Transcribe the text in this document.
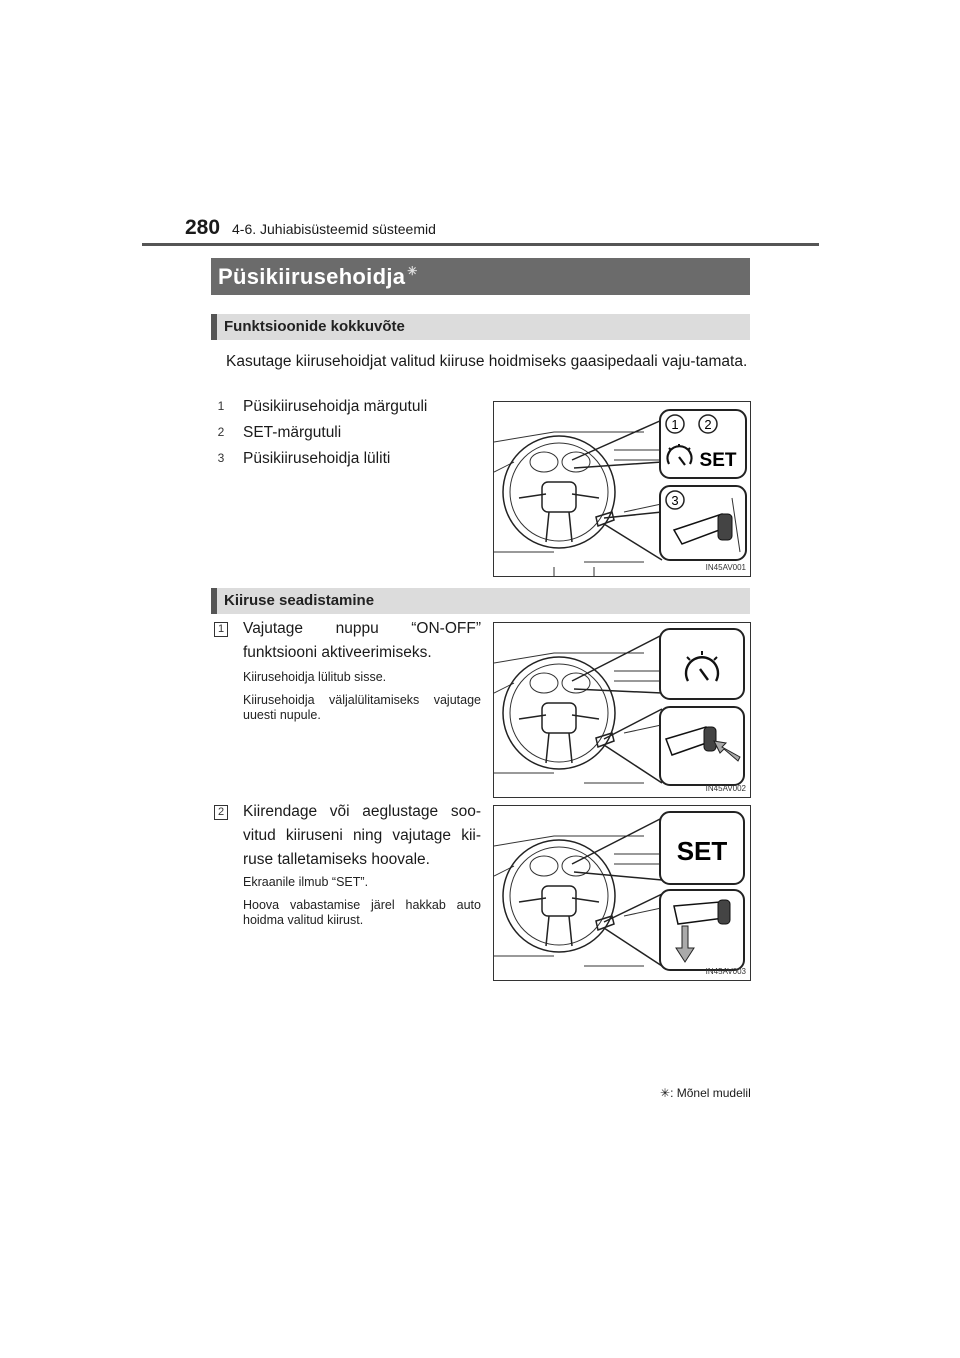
280 4-6. Juhiabisüsteemid süsteemid
Püsikiirusehoidja ✳
Funktsioonide kokkuvõte
Kasutage kiirusehoidjat valitud kiiruse hoidmiseks gaasipedaali vaju-tamata.
1 Püsikiirusehoidja märgutuli
2 SET-märgutuli
3 Püsikiirusehoidja lüliti
1 2
SET
3
IN45AV001
Kiiruse seadistamine
1 Vajutage nuppu “ON-OFF” funktsiooni aktiveerimiseks.
Kiirusehoidja lülitub sisse.
Kiirusehoidja väljalülitamiseks vajutage uuesti nupule.
IN45AV002
2 Kiirendage või aeglustage soo-vitud kiiruseni ning vajutage kii-ruse talletamiseks hoovale.
Ekraanile ilmub “SET”.
Hoova vabastamise järel hakkab auto hoidma valitud kiirust.
SET
IN45AV003
✳: Mõnel mudelil
